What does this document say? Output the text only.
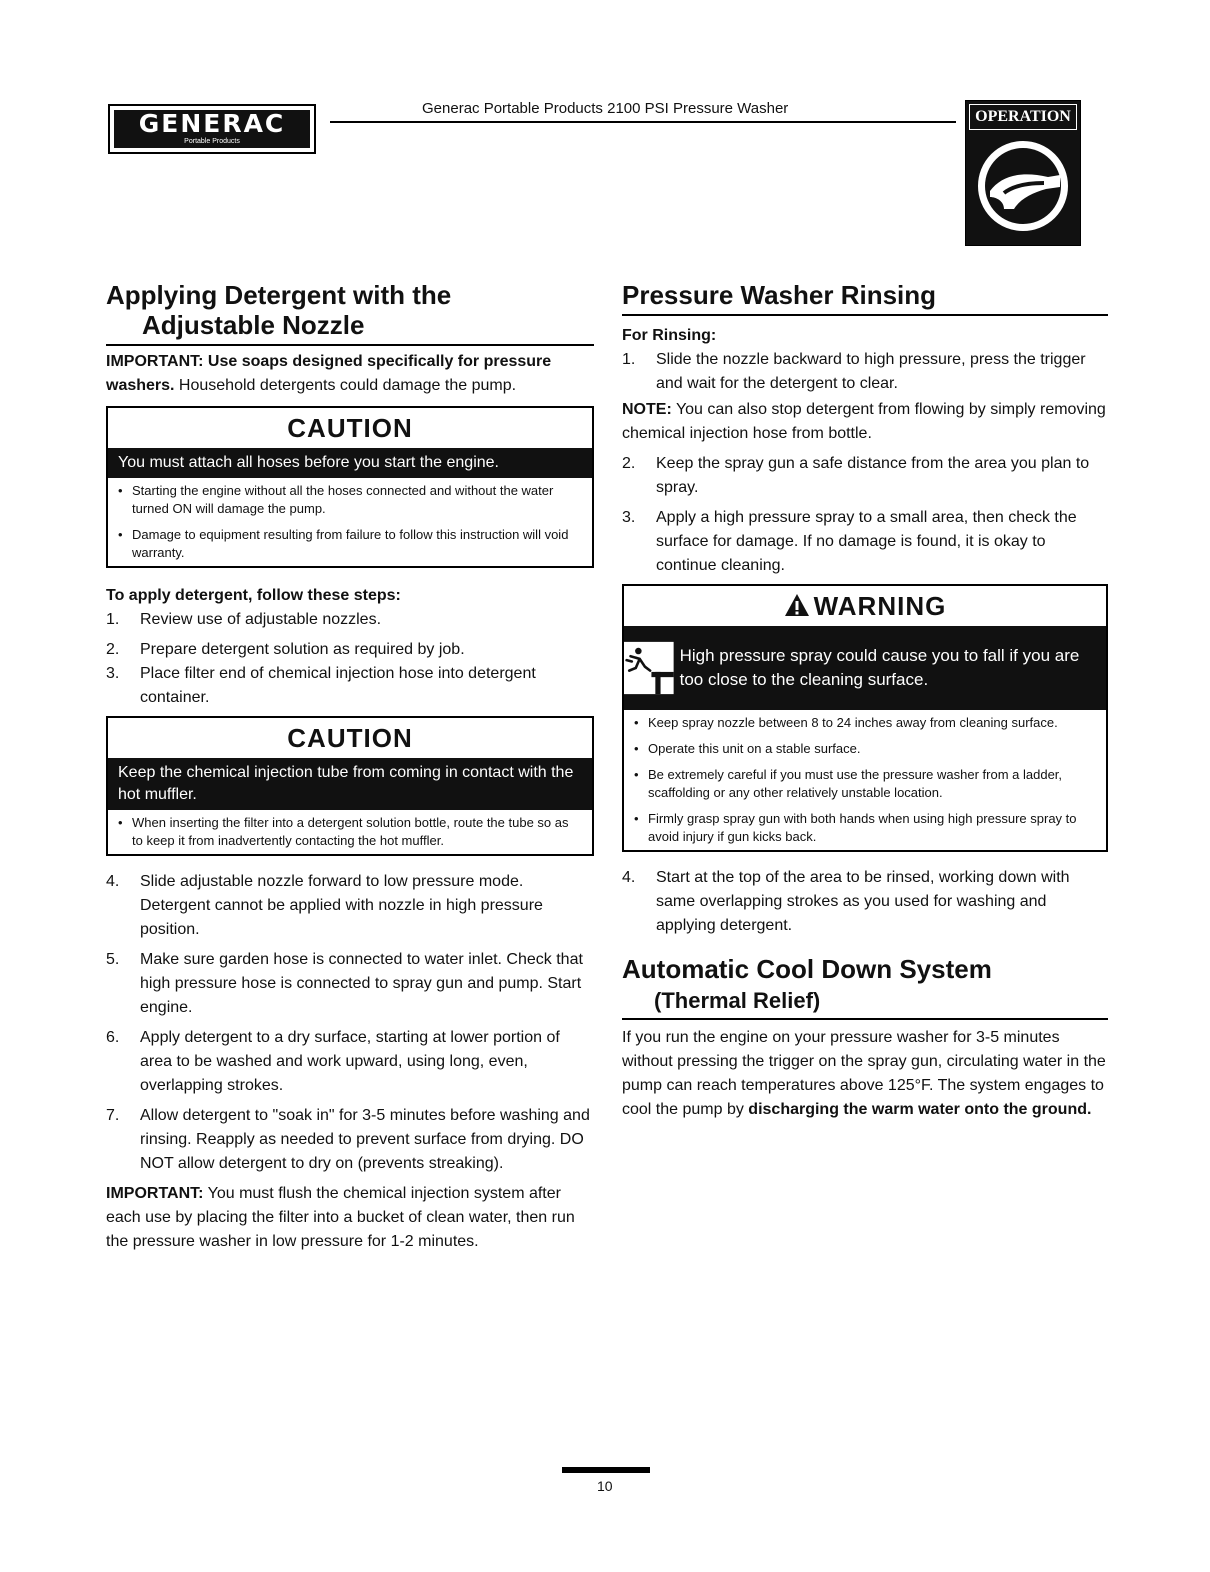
GENERAC
Portable Products
Generac Portable Products 2100 PSI Pressure Washer	OPERATION
Applying Detergent with the
Adjustable Nozzle

IMPORTANT: Use soaps designed specifically for pressure washers. Household detergents could damage the pump.

CAUTION
You must attach all hoses before you start the engine.
• Starting the engine without all the hoses connected and without the water turned ON will damage the pump.
• Damage to equipment resulting from failure to follow this instruction will void warranty.

To apply detergent, follow these steps:

1. Review use of adjustable nozzles.
2. Prepare detergent solution as required by job.
3. Place filter end of chemical injection hose into detergent container.
CAUTION
Keep the chemical injection tube from coming in contact with the hot muffler.
• When inserting the filter into a detergent solution bottle, route the tube so as to keep it from inadvertently contacting the hot muffler.
4. Slide adjustable nozzle forward to low pressure mode. Detergent cannot be applied with nozzle in high pressure position.
5. Make sure garden hose is connected to water inlet. Check that high pressure hose is connected to spray gun and pump. Start engine.
6. Apply detergent to a dry surface, starting at lower portion of area to be washed and work upward, using long, even, overlapping strokes.
7. Allow detergent to "soak in" for 3-5 minutes before washing and rinsing. Reapply as needed to prevent surface from drying. DO NOT allow detergent to dry on (prevents streaking).

IMPORTANT: You must flush the chemical injection system after each use by placing the filter into a bucket of clean water, then run the pressure washer in low pressure for 1-2 minutes.

Pressure Washer Rinsing

For Rinsing:

1. Slide the nozzle backward to high pressure, press the trigger and wait for the detergent to clear.

NOTE: You can also stop detergent from flowing by simply removing chemical injection hose from bottle.

2. Keep the spray gun a safe distance from the area you plan to spray.
3. Apply a high pressure spray to a small area, then check the surface for damage. If no damage is found, it is okay to continue cleaning.
WARNING
High pressure spray could cause you to fall if you are too close to the cleaning surface.
• Keep spray nozzle between 8 to 24 inches away from cleaning surface.
• Operate this unit on a stable surface.
• Be extremely careful if you must use the pressure washer from a ladder, scaffolding or any other relatively unstable location.
• Firmly grasp spray gun with both hands when using high pressure spray to avoid injury if gun kicks back.
4. Start at the top of the area to be rinsed, working down with same overlapping strokes as you used for washing and applying detergent.
Automatic Cool Down System
(Thermal Relief)

If you run the engine on your pressure washer for 3-5 minutes without pressing the trigger on the spray gun, circulating water in the pump can reach temperatures above 125°F. The system engages to cool the pump by discharging the warm water onto the ground.

10
